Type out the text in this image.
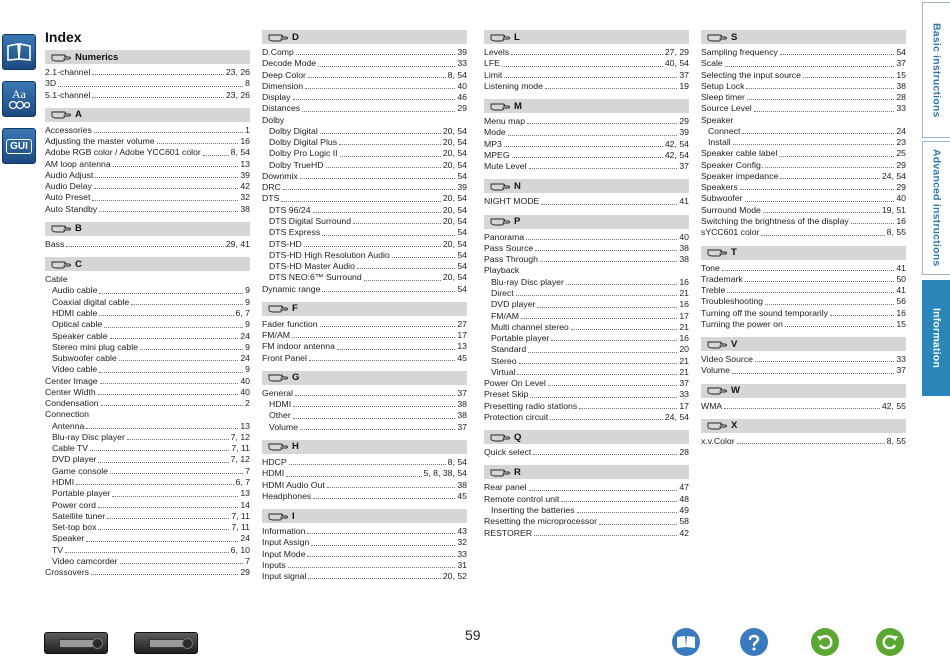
Aa
GUI
Index
Numerics
2.1-channel	23, 26
3D	8
5.1-channel	23, 26
A
Accessories	1
Adjusting the master volume	16
Adobe RGB color / Adobe YCC601 color	8, 54
AM loop antenna	13
Audio Adjust	39
Audio Delay	42
Auto Preset	32
Auto Standby	38
B
Bass	29, 41
C
Cable
Audio cable	9
Coaxial digital cable	9
HDMI cable	6, 7
Optical cable	9
Speaker cable	24
Stereo mini plug cable	9
Subwoofer cable	24
Video cable	9
Center Image	40
Center Width	40
Condensation	2
Connection
Antenna	13
Blu-ray Disc player	7, 12
Cable TV	7, 11
DVD player	7, 12
Game console	7
HDMI	6, 7
Portable player	13
Power cord	14
Satellite tuner	7, 11
Set-top box	7, 11
Speaker	24
TV	6, 10
Video camcorder	7
Crossovers	29
D
D.Comp	39
Decode Mode	33
Deep Color	8, 54
Dimension	40
Display	46
Distances	29
Dolby
Dolby Digital	20, 54
Dolby Digital Plus	20, 54
Dolby Pro Logic II	20, 54
Dolby TrueHD	20, 54
Downmix	54
DRC	39
DTS	20, 54
DTS 96/24	20, 54
DTS Digital Surround	20, 54
DTS Express	54
DTS-HD	20, 54
DTS-HD High Resolution Audio	54
DTS-HD Master Audio	54
DTS NEO:6™ Surround	20, 54
Dynamic range	54
F
Fader function	27
FM/AM	17
FM indoor antenna	13
Front Panel	45
G
General	37
HDMI	38
Other	38
Volume	37
H
HDCP	8, 54
HDMI	5, 8, 38, 54
HDMI Audio Out	38
Headphones	45
I
Information	43
Input Assign	32
Input Mode	33
Inputs	31
Input signal	20, 52
L
Levels	27, 29
LFE	40, 54
Limit	37
Listening mode	19
M
Menu map	29
Mode	39
MP3	42, 54
MPEG	42, 54
Mute Level	37
N
NIGHT MODE	41
P
Panorama	40
Pass Source	38
Pass Through	38
Playback
Blu-ray Disc player	16
Direct	21
DVD player	16
FM/AM	17
Multi channel stereo	21
Portable player	16
Standard	20
Stereo	21
Virtual	21
Power On Level	37
Preset Skip	33
Presetting radio stations	17
Protection circuit	24, 54
Q
Quick select	28
R
Rear panel	47
Remote control unit	48
Inserting the batteries	49
Resetting the microprocessor	58
RESTORER	42
S
Sampling frequency	54
Scale	37
Selecting the input source	15
Setup Lock	38
Sleep timer	28
Source Level	33
Speaker
Connect	24
Install	23
Speaker cable label	25
Speaker Config.	29
Speaker impedance	24, 54
Speakers	29
Subwoofer	40
Surround Mode	19, 51
Switching the brightness of the display	16
sYCC601 color	8, 55
T
Tone	41
Trademark	50
Treble	41
Troubleshooting	56
Turning off the sound temporarily	16
Turning the power on	15
V
Video Source	33
Volume	37
W
WMA	42, 55
X
x.v.Color	8, 55
Basic instructions
Advanced instructions
Information
59
